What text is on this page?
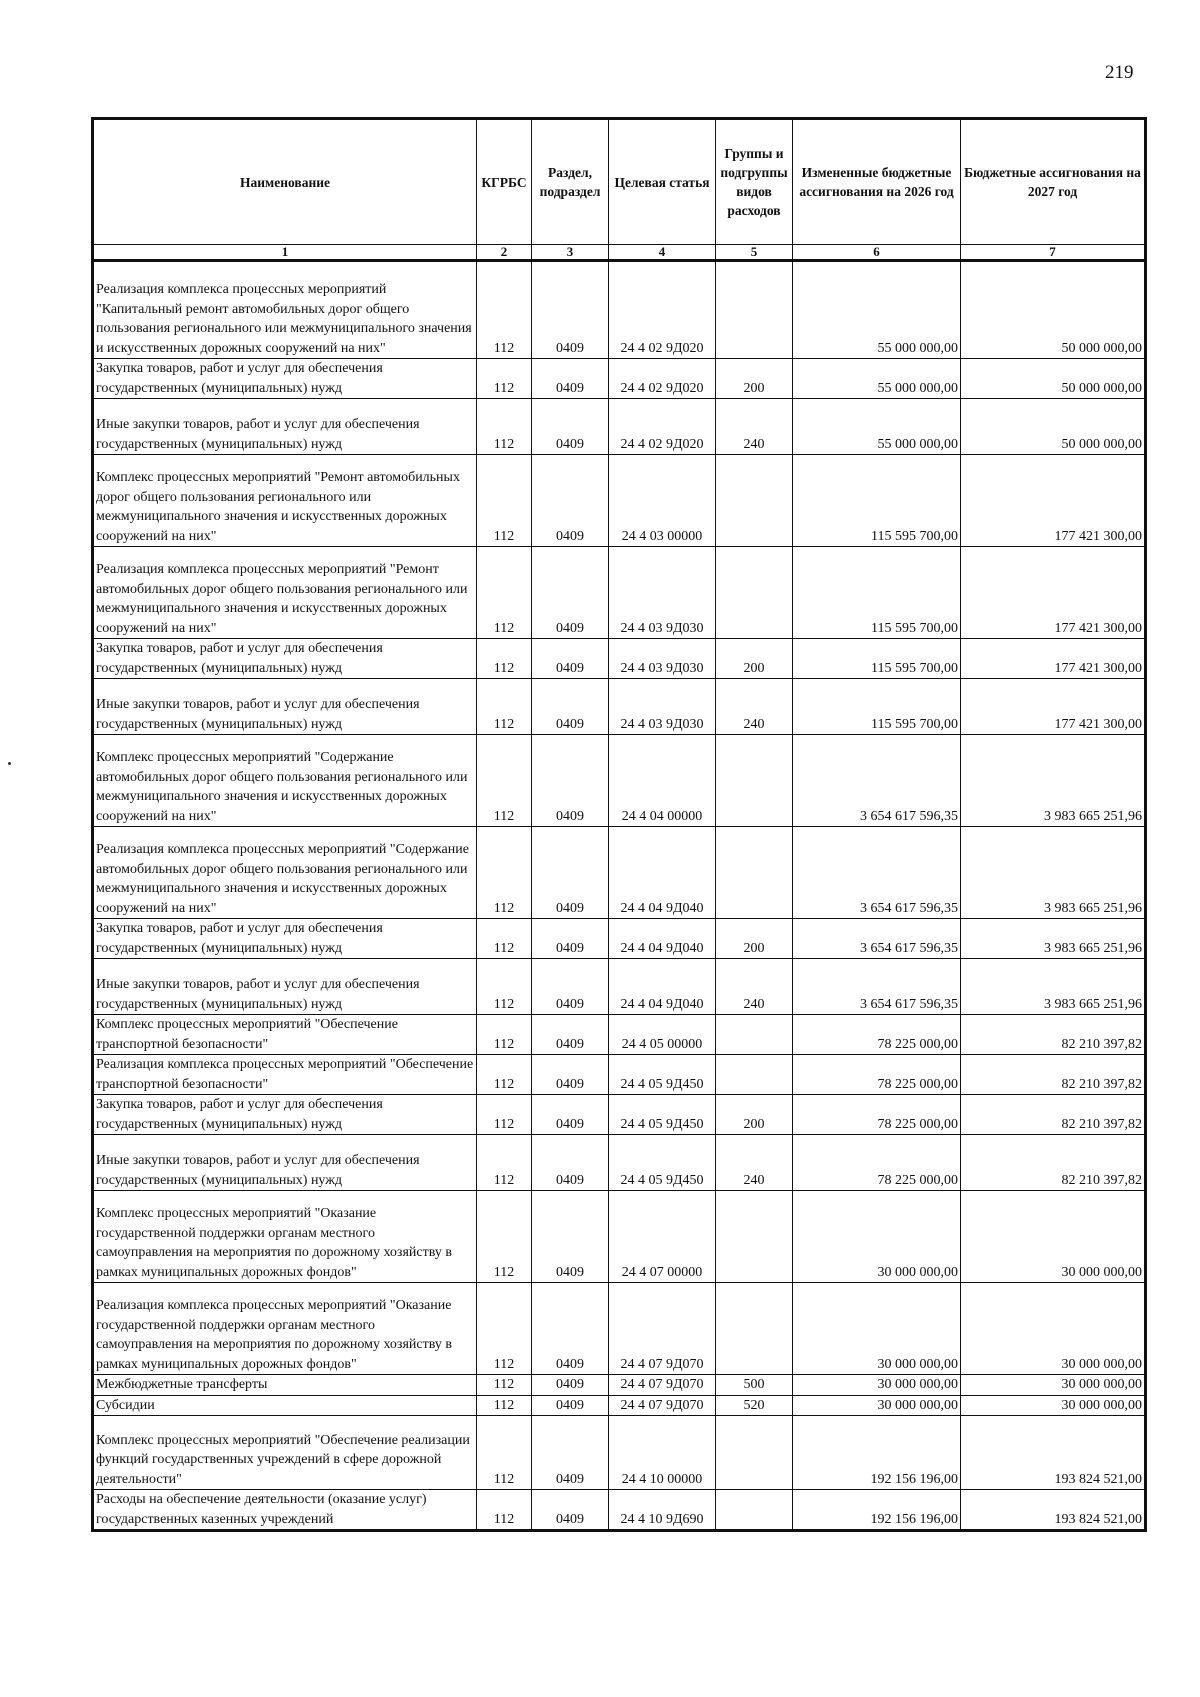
219
Наименование	КГРБС	Раздел, подраздел	Целевая статья	Группы и подгруппы видов расходов	Измененные бюджетные ассигнования на 2026 год	Бюджетные ассигнования на 2027 год
1	2	3	4	5	6	7
Реализация комплекса процессных мероприятий "Капитальный ремонт автомобильных дорог общего пользования регионального или межмуниципального значения и искусственных дорожных сооружений на них"	112	0409	24 4 02 9Д020		55 000 000,00	50 000 000,00
Закупка товаров, работ и услуг для обеспечения государственных (муниципальных) нужд	112	0409	24 4 02 9Д020	200	55 000 000,00	50 000 000,00
Иные закупки товаров, работ и услуг для обеспечения государственных (муниципальных) нужд	112	0409	24 4 02 9Д020	240	55 000 000,00	50 000 000,00
Комплекс процессных мероприятий "Ремонт автомобильных дорог общего пользования регионального или межмуниципального значения и искусственных дорожных сооружений на них"	112	0409	24 4 03 00000		115 595 700,00	177 421 300,00
Реализация комплекса процессных мероприятий "Ремонт автомобильных дорог общего пользования регионального или межмуниципального значения и искусственных дорожных сооружений на них"	112	0409	24 4 03 9Д030		115 595 700,00	177 421 300,00
Закупка товаров, работ и услуг для обеспечения государственных (муниципальных) нужд	112	0409	24 4 03 9Д030	200	115 595 700,00	177 421 300,00
Иные закупки товаров, работ и услуг для обеспечения государственных (муниципальных) нужд	112	0409	24 4 03 9Д030	240	115 595 700,00	177 421 300,00
Комплекс процессных мероприятий "Содержание автомобильных дорог общего пользования регионального или межмуниципального значения и искусственных дорожных сооружений на них"	112	0409	24 4 04 00000		3 654 617 596,35	3 983 665 251,96
Реализация комплекса процессных мероприятий "Содержание автомобильных дорог общего пользования регионального или межмуниципального значения и искусственных дорожных сооружений на них"	112	0409	24 4 04 9Д040		3 654 617 596,35	3 983 665 251,96
Закупка товаров, работ и услуг для обеспечения государственных (муниципальных) нужд	112	0409	24 4 04 9Д040	200	3 654 617 596,35	3 983 665 251,96
Иные закупки товаров, работ и услуг для обеспечения государственных (муниципальных) нужд	112	0409	24 4 04 9Д040	240	3 654 617 596,35	3 983 665 251,96
Комплекс процессных мероприятий "Обеспечение транспортной безопасности"	112	0409	24 4 05 00000		78 225 000,00	82 210 397,82
Реализация комплекса процессных мероприятий "Обеспечение транспортной безопасности"	112	0409	24 4 05 9Д450		78 225 000,00	82 210 397,82
Закупка товаров, работ и услуг для обеспечения государственных (муниципальных) нужд	112	0409	24 4 05 9Д450	200	78 225 000,00	82 210 397,82
Иные закупки товаров, работ и услуг для обеспечения государственных (муниципальных) нужд	112	0409	24 4 05 9Д450	240	78 225 000,00	82 210 397,82
Комплекс процессных мероприятий "Оказание государственной поддержки органам местного самоуправления на мероприятия по дорожному хозяйству в рамках муниципальных дорожных фондов"	112	0409	24 4 07 00000		30 000 000,00	30 000 000,00
Реализация комплекса процессных мероприятий "Оказание государственной поддержки органам местного самоуправления на мероприятия по дорожному хозяйству в рамках муниципальных дорожных фондов"	112	0409	24 4 07 9Д070		30 000 000,00	30 000 000,00
Межбюджетные трансферты	112	0409	24 4 07 9Д070	500	30 000 000,00	30 000 000,00
Субсидии	112	0409	24 4 07 9Д070	520	30 000 000,00	30 000 000,00
Комплекс процессных мероприятий "Обеспечение реализации функций государственных учреждений в сфере дорожной деятельности"	112	0409	24 4 10 00000		192 156 196,00	193 824 521,00
Расходы на обеспечение деятельности (оказание услуг) государственных казенных учреждений	112	0409	24 4 10 9Д690		192 156 196,00	193 824 521,00
